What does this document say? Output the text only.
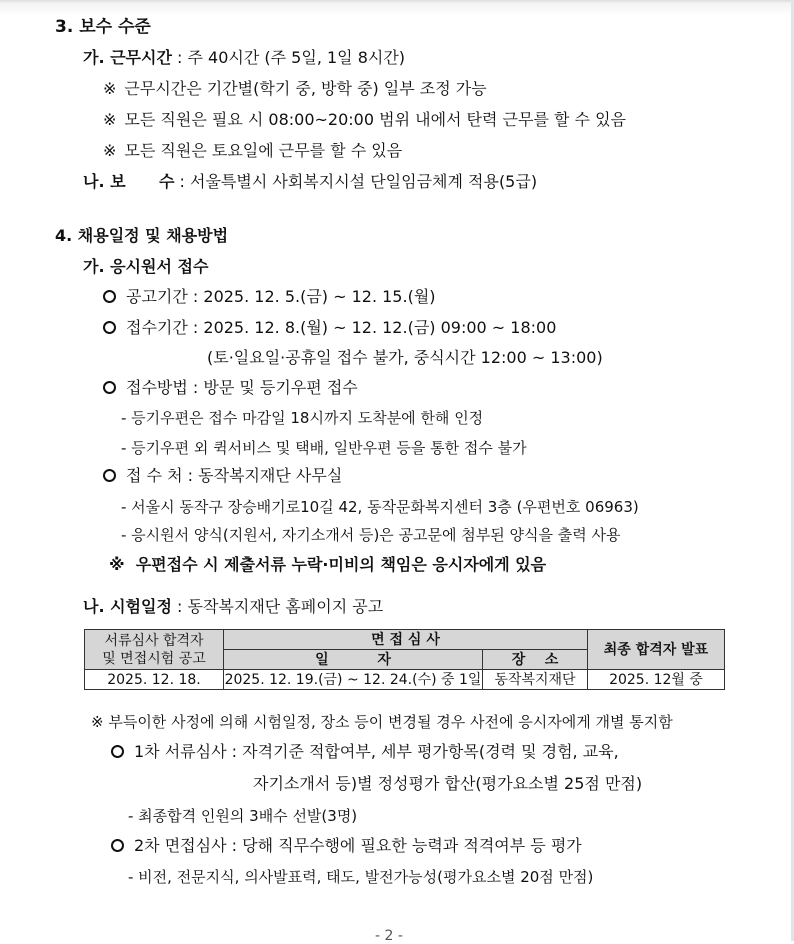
3. 보수 수준
가. 근무시간 : 주 40시간 (주 5일, 1일 8시간)
※ 근무시간은 기간별(학기 중, 방학 중) 일부 조정 가능
※ 모든 직원은 필요 시 08:00~20:00 범위 내에서 탄력 근무를 할 수 있음
※ 모든 직원은 토요일에 근무를 할 수 있음
나. 보      수 : 서울특별시 사회복지시설 단일임금체계 적용(5급)
4. 채용일정 및 채용방법
가. 응시원서 접수
공고기간 : 2025. 12. 5.(금) ~ 12. 15.(월)
접수기간 : 2025. 12. 8.(월) ~ 12. 12.(금) 09:00 ~ 18:00
(토·일요일·공휴일 접수 불가, 중식시간 12:00 ~ 13:00)
접수방법 : 방문 및 등기우편 접수
- 등기우편은 접수 마감일 18시까지 도착분에 한해 인정
- 등기우편 외 퀵서비스 및 택배, 일반우편 등을 통한 접수 불가
접 수 처 : 동작복지재단 사무실
- 서울시 동작구 장승배기로10길 42, 동작문화복지센터 3층 (우편번호 06963)
- 응시원서 양식(지원서, 자기소개서 등)은 공고문에 첨부된 양식을 출력 사용
※  우편접수 시 제출서류 누락·미비의 책임은 응시자에게 있음
나. 시험일정 : 동작복지재단 홈페이지 공고
서류심사 합격자
및 면접시험 공고	면 접 심 사		최종 합격자 발표
	일          자	장    소	
2025. 12. 18.	2025. 12. 19.(금) ~ 12. 24.(수) 중 1일	동작복지재단	2025. 12월 중
※ 부득이한 사정에 의해 시험일정, 장소 등이 변경될 경우 사전에 응시자에게 개별 통지함
1차 서류심사 : 자격기준 적합여부, 세부 평가항목(경력 및 경험, 교육,
자기소개서 등)별 정성평가 합산(평가요소별 25점 만점)
- 최종합격 인원의 3배수 선발(3명)
2차 면접심사 : 당해 직무수행에 필요한 능력과 적격여부 등 평가
- 비전, 전문지식, 의사발표력, 태도, 발전가능성(평가요소별 20점 만점)
- 2 -
